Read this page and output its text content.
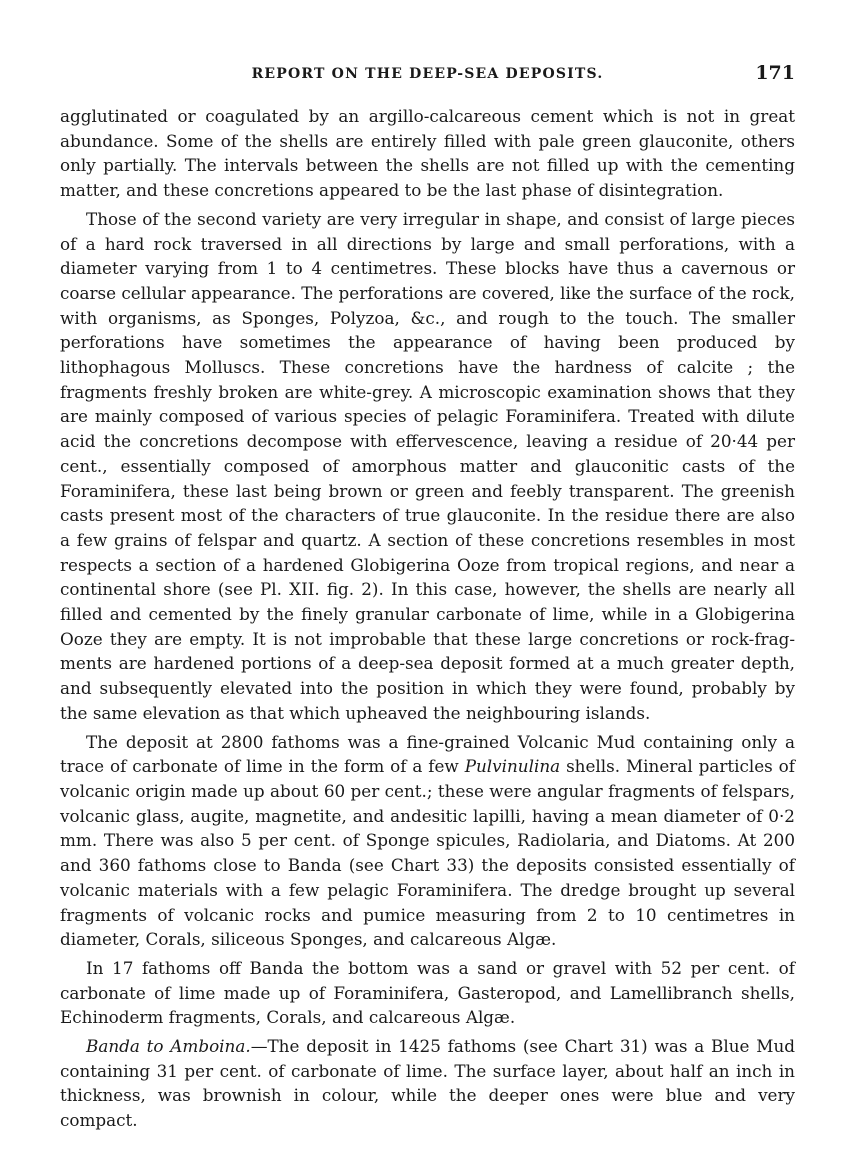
REPORT ON THE DEEP-SEA DEPOSITS.	171

agglutinated or coagulated by an argillo-calcareous cement which is not in great abundance. Some of the shells are entirely filled with pale green glauconite, others only partially. The intervals between the shells are not filled up with the cementing matter, and these concretions appeared to be the last phase of disintegration.

Those of the second variety are very irregular in shape, and consist of large pieces of a hard rock traversed in all directions by large and small perforations, with a diameter varying from 1 to 4 centimetres. These blocks have thus a cavernous or coarse cellular appearance. The perforations are covered, like the surface of the rock, with organisms, as Sponges, Polyzoa, &c., and rough to the touch. The smaller perforations have sometimes the appearance of having been produced by lithophagous Molluscs. These concretions have the hardness of calcite ; the fragments freshly broken are white-grey. A microscopic examination shows that they are mainly composed of various species of pelagic Foraminifera. Treated with dilute acid the concretions decompose with effervescence, leaving a residue of 20·44 per cent., essentially composed of amorphous matter and glauconitic casts of the Foraminifera, these last being brown or green and feebly transparent. The greenish casts present most of the characters of true glauconite. In the residue there are also a few grains of felspar and quartz. A section of these concretions resembles in most respects a section of a hardened Globigerina Ooze from tropical regions, and near a continental shore (see Pl. XII. fig. 2). In this case, however, the shells are nearly all filled and cemented by the finely granular carbonate of lime, while in a Globigerina Ooze they are empty. It is not improbable that these large concretions or rock-fragments are hardened portions of a deep-sea deposit formed at a much greater depth, and subsequently elevated into the position in which they were found, probably by the same elevation as that which upheaved the neighbouring islands.

The deposit at 2800 fathoms was a fine-grained Volcanic Mud containing only a trace of carbonate of lime in the form of a few Pulvinulina shells. Mineral particles of volcanic origin made up about 60 per cent.; these were angular fragments of felspars, volcanic glass, augite, magnetite, and andesitic lapilli, having a mean diameter of 0·2 mm. There was also 5 per cent. of Sponge spicules, Radiolaria, and Diatoms. At 200 and 360 fathoms close to Banda (see Chart 33) the deposits consisted essentially of volcanic materials with a few pelagic Foraminifera. The dredge brought up several fragments of volcanic rocks and pumice measuring from 2 to 10 centimetres in diameter, Corals, siliceous Sponges, and calcareous Algæ.

In 17 fathoms off Banda the bottom was a sand or gravel with 52 per cent. of carbonate of lime made up of Foraminifera, Gasteropod, and Lamellibranch shells, Echinoderm fragments, Corals, and calcareous Algæ.

Banda to Amboina.—The deposit in 1425 fathoms (see Chart 31) was a Blue Mud containing 31 per cent. of carbonate of lime. The surface layer, about half an inch in thickness, was brownish in colour, while the deeper ones were blue and very compact.
